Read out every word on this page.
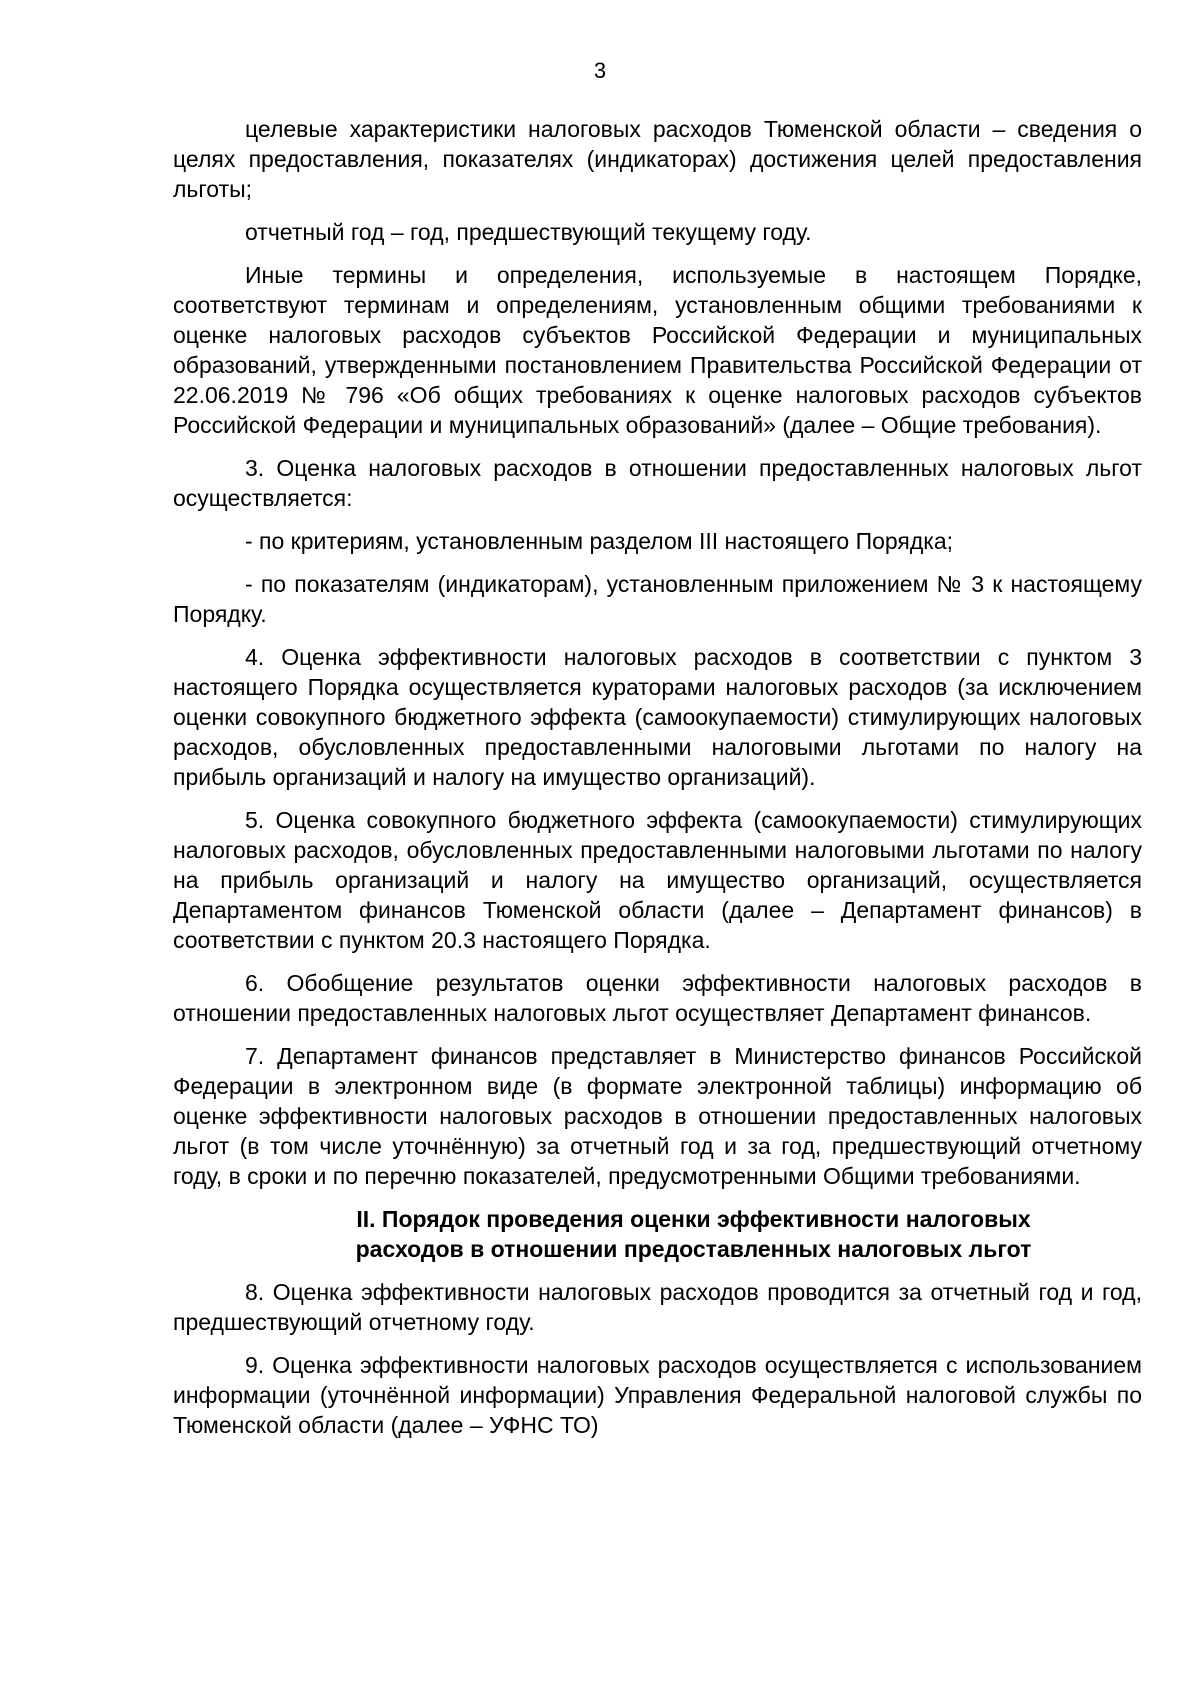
3

целевые характеристики налоговых расходов Тюменской области – сведения о целях предоставления, показателях (индикаторах) достижения целей предоставления льготы;

отчетный год – год, предшествующий текущему году.

Иные термины и определения, используемые в настоящем Порядке, соответствуют терминам и определениям, установленным общими требованиями к оценке налоговых расходов субъектов Российской Федерации и муниципальных образований, утвержденными постановлением Правительства Российской Федерации от 22.06.2019 № 796 «Об общих требованиях к оценке налоговых расходов субъектов Российской Федерации и муниципальных образований» (далее – Общие требования).

3. Оценка налоговых расходов в отношении предоставленных налоговых льгот осуществляется:

- по критериям, установленным разделом III настоящего Порядка;

- по показателям (индикаторам), установленным приложением № 3 к настоящему Порядку.

4. Оценка эффективности налоговых расходов в соответствии с пунктом 3 настоящего Порядка осуществляется кураторами налоговых расходов (за исключением оценки совокупного бюджетного эффекта (самоокупаемости) стимулирующих налоговых расходов, обусловленных предоставленными налоговыми льготами по налогу на прибыль организаций и налогу на имущество организаций).

5. Оценка совокупного бюджетного эффекта (самоокупаемости) стимулирующих налоговых расходов, обусловленных предоставленными налоговыми льготами по налогу на прибыль организаций и налогу на имущество организаций, осуществляется Департаментом финансов Тюменской области (далее – Департамент финансов) в соответствии с пунктом 20.3 настоящего Порядка.

6. Обобщение результатов оценки эффективности налоговых расходов в отношении предоставленных налоговых льгот осуществляет Департамент финансов.

7. Департамент финансов представляет в Министерство финансов Российской Федерации в электронном виде (в формате электронной таблицы) информацию об оценке эффективности налоговых расходов в отношении предоставленных налоговых льгот (в том числе уточнённую) за отчетный год и за год, предшествующий отчетному году, в сроки и по перечню показателей, предусмотренными Общими требованиями.

II. Порядок проведения оценки эффективности налоговых
расходов в отношении предоставленных налоговых льгот

8. Оценка эффективности налоговых расходов проводится за отчетный год и год, предшествующий отчетному году.

9. Оценка эффективности налоговых расходов осуществляется с использованием информации (уточнённой информации) Управления Федеральной налоговой службы по Тюменской области (далее – УФНС ТО)
